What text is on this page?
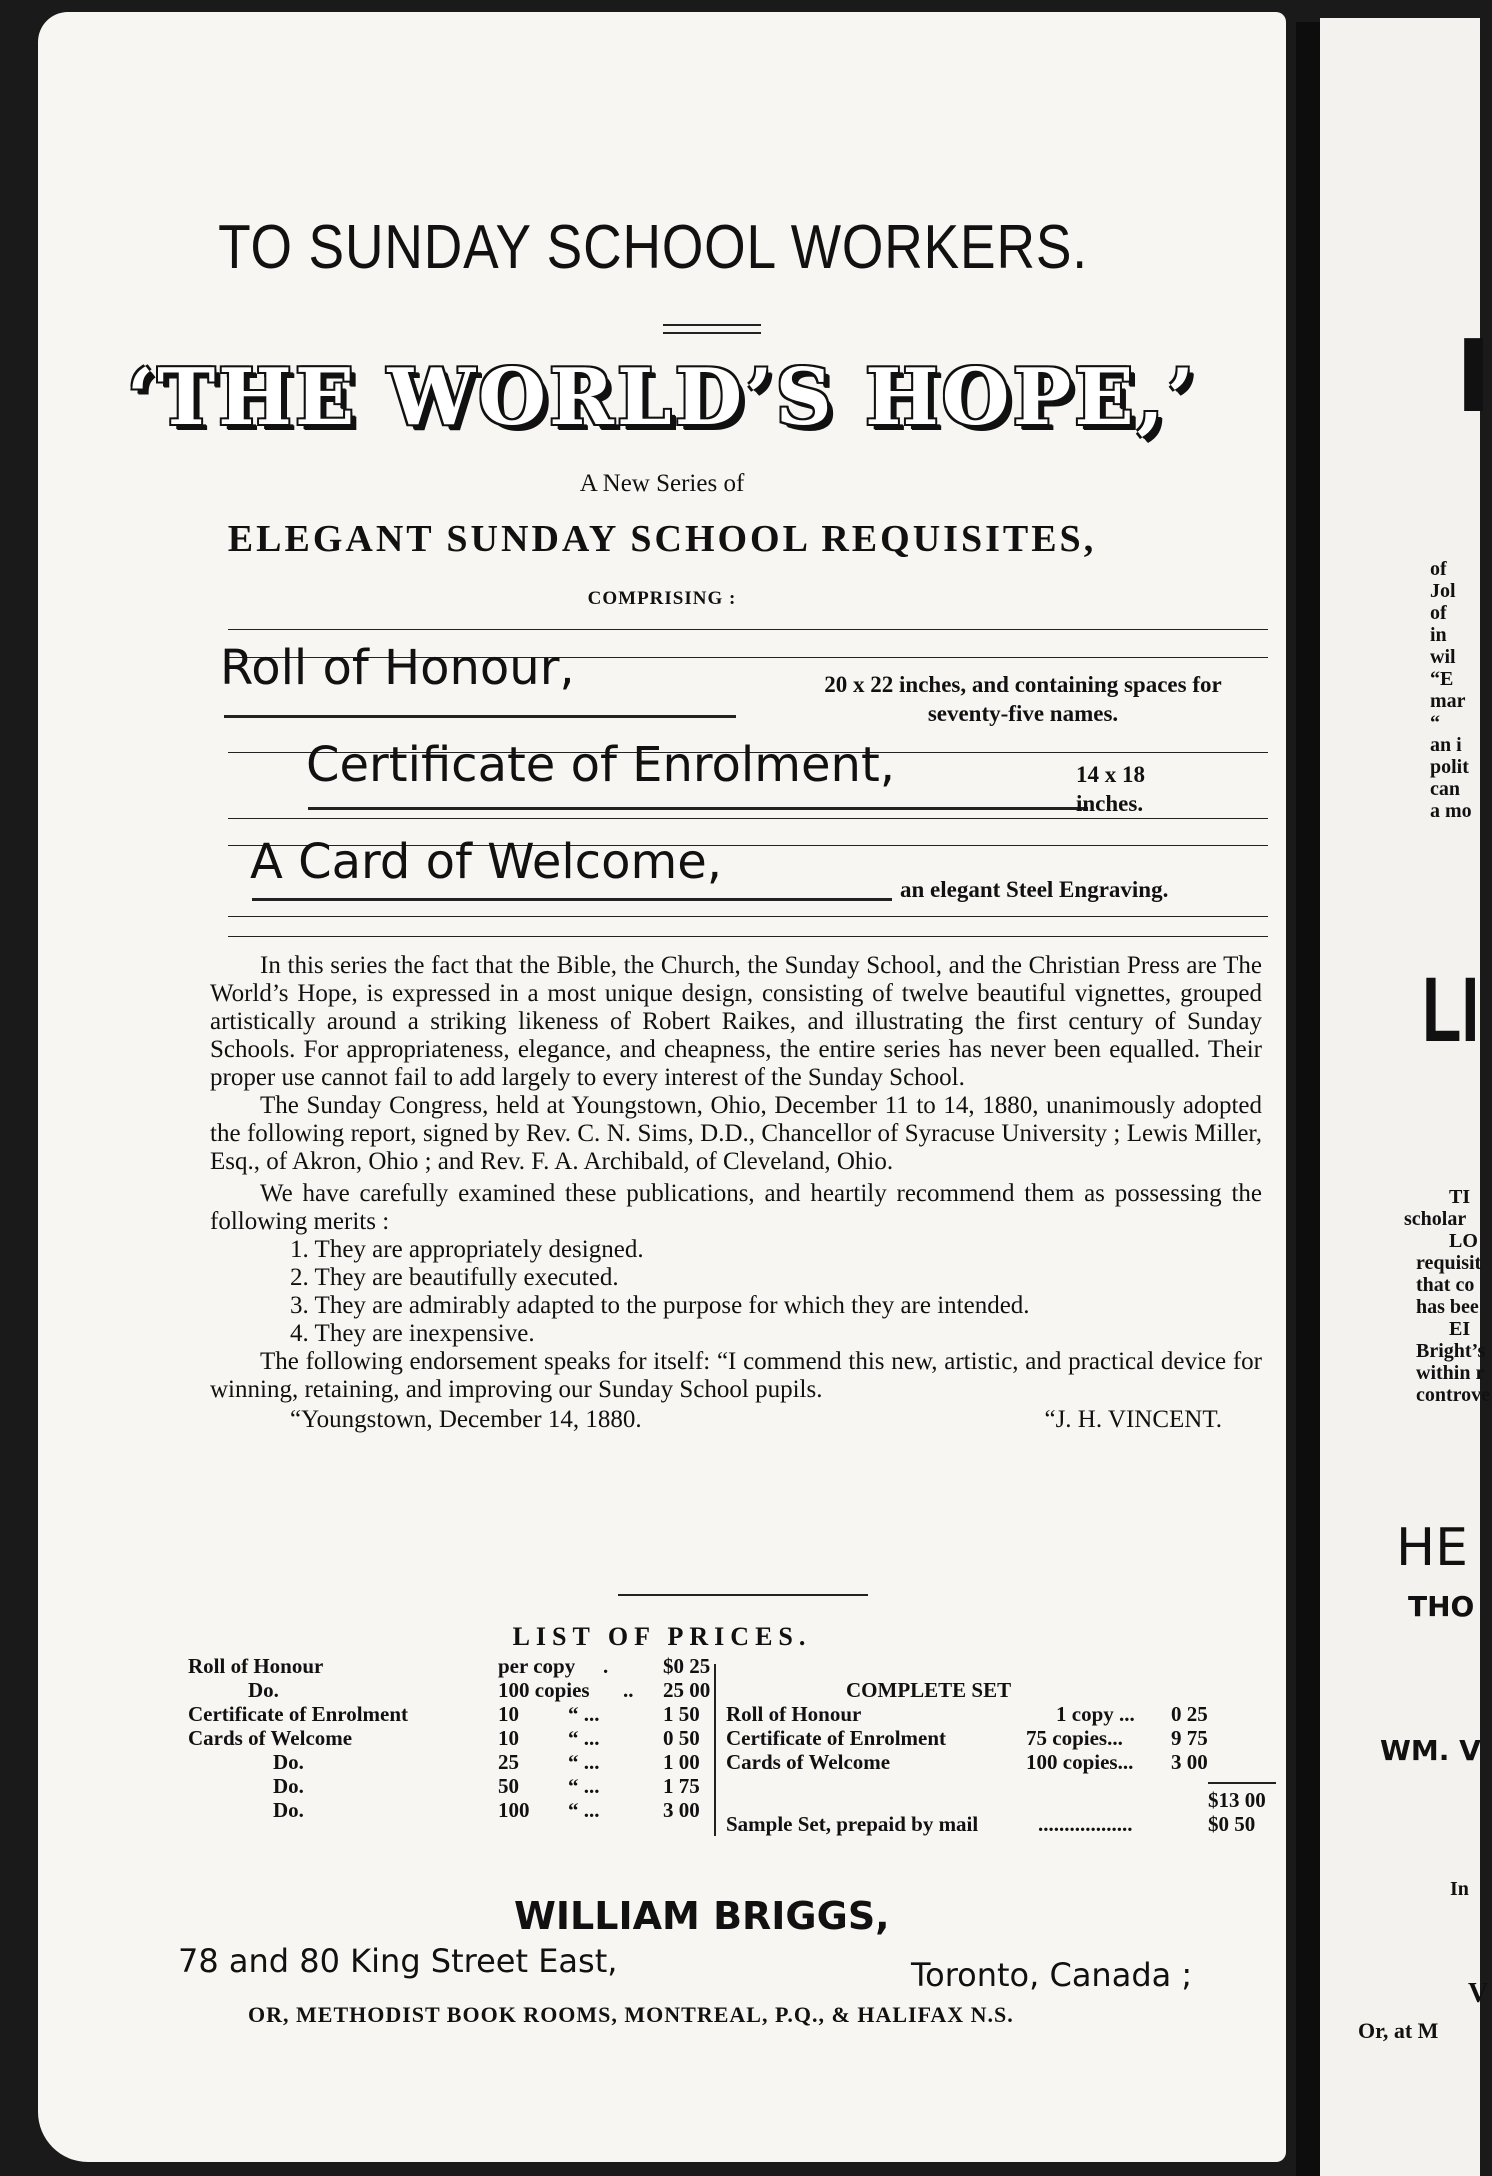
TO SUNDAY SCHOOL WORKERS.
‘THE WORLD’S HOPE,’
A New Series of
ELEGANT SUNDAY SCHOOL REQUISITES,
COMPRISING :
Roll of Honour,	20 x 22 inches, and containing spaces for
seventy-five names.
Certificate of Enrolment,	14 x 18
inches.
A Card of Welcome,	an elegant Steel Engraving.

In this series the fact that the Bible, the Church, the Sunday School, and the Christian Press are The World’s Hope, is expressed in a most unique design, consisting of twelve beautiful vignettes, grouped artistically around a striking likeness of Robert Raikes, and illustrating the first century of Sunday Schools. For appropriateness, elegance, and cheapness, the entire series has never been equalled. Their proper use cannot fail to add largely to every interest of the Sunday School.

The Sunday Congress, held at Youngstown, Ohio, December 11 to 14, 1880, unanimously adopted the following report, signed by Rev. C. N. Sims, D.D., Chancellor of Syracuse University ; Lewis Miller, Esq., of Akron, Ohio ; and Rev. F. A. Archibald, of Cleveland, Ohio.

We have carefully examined these publications, and heartily recommend them as possessing the following merits :

1. They are appropriately designed.
2. They are beautifully executed.
3. They are admirably adapted to the purpose for which they are intended.
4. They are inexpensive.

The following endorsement speaks for itself: “I commend this new, artistic, and practical device for winning, retaining, and improving our Sunday School pupils.

“Youngstown, December 14, 1880.	“J. H. VINCENT.
LIST OF PRICES.
Roll of Honour	per copy .	$0 25
Do.	100 copies .. 25 00
Certificate of Enrolment	10 “ ...	1 50
Cards of Welcome	10 “ ...	0 50
Do.	25 “ ...	1 00
Do.	50 “ ...	1 75
Do.	100 “ ...	3 00
COMPLETE SET
Roll of Honour	1 copy ... 0 25
Certificate of Enrolment	75 copies... 9 75
Cards of Welcome	100 copies... 3 00
$13 00
Sample Set, prepaid by mail	..................	$0 50
WILLIAM BRIGGS,
78 and 80 King Street East,	Toronto, Canada ;
OR, METHODIST BOOK ROOMS, MONTREAL, P.Q., & HALIFAX N.S.
I
of
Jol
of
in
wil
“E
mar
“
an i
polit
can
a mo
LI
TI
scholar
LO
requisit
that co
has bee
EI
Bright’s
within r
controve
HE
THO
WM. V
In
V
Or, at M
